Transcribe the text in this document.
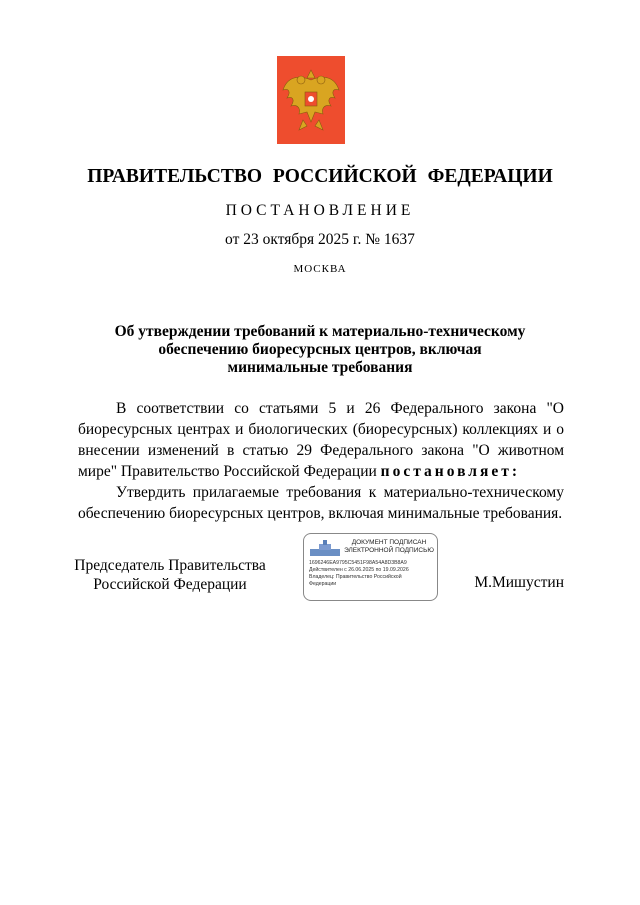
ПРАВИТЕЛЬСТВО РОССИЙСКОЙ ФЕДЕРАЦИИ
ПОСТАНОВЛЕНИЕ
от 23 октября 2025 г. № 1637
МОСКВА
Об утверждении требований к материально-техническому
обеспечению биоресурсных центров, включая
минимальные требования

В соответствии со статьями 5 и 26 Федерального закона "О биоресурсных центрах и биологических (биоресурсных) коллекциях и о внесении изменений в статью 29 Федерального закона "О животном мире" Правительство Российской Федерации постановляет:

Утвердить прилагаемые требования к материально-техническому обеспечению биоресурсных центров, включая минимальные требования.

Председатель Правительства
Российской Федерации
ДОКУМЕНТ ПОДПИСАН
ЭЛЕКТРОННОЙ ПОДПИСЬЮ
1696246EA9795C5451F98A54A8D3B8A9
Действителен с 26.06.2025 по 19.09.2026
Владелец: Правительство Российской Федерации	М.Мишустин
